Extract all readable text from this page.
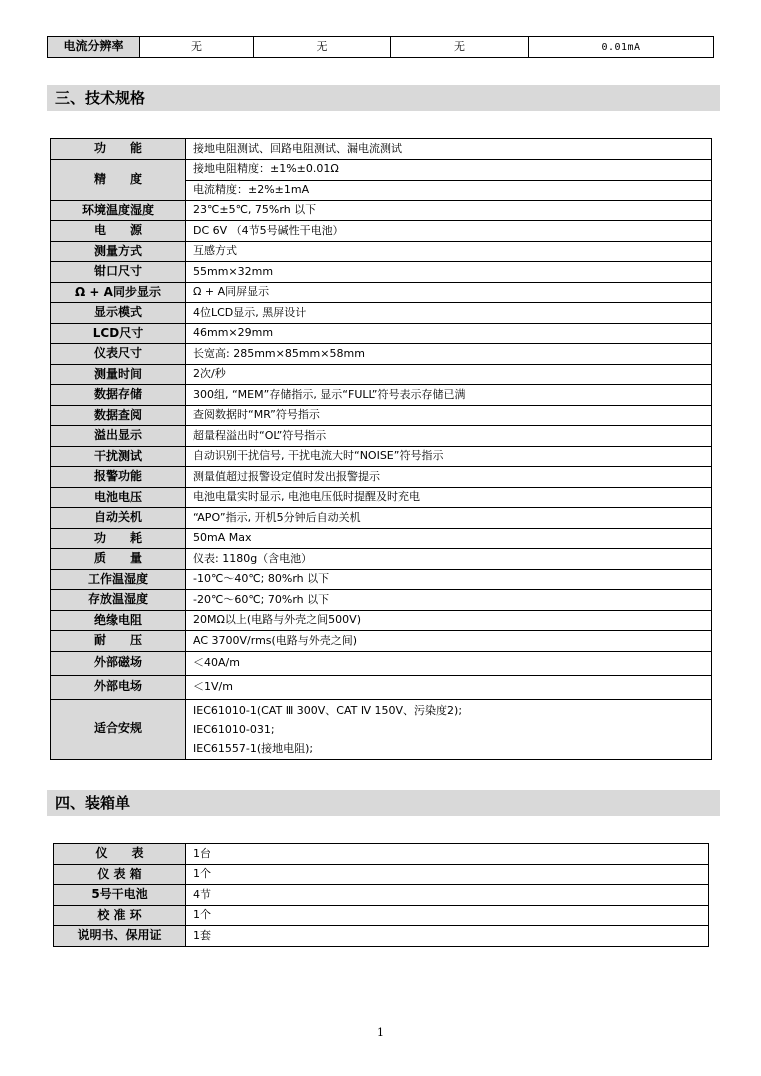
电流分辨率	无	无	无	0.01mA
三、技术规格
功　　能	接地电阻测试、回路电阻测试、漏电流测试
精　　度	接地电阻精度：±1%±0.01Ω
	电流精度：±2%±1mA
环境温度湿度	23℃±5℃, 75%rh 以下
电　　源	DC 6V （4节5号碱性干电池）
测量方式	互感方式
钳口尺寸	55mm×32mm
Ω + A同步显示	Ω + A同屏显示
显示模式	4位LCD显示, 黑屏设计
LCD尺寸	46mm×29mm
仪表尺寸	长宽高: 285mm×85mm×58mm
测量时间	2次/秒
数据存储	300组, “MEM”存储指示, 显示“FULL”符号表示存储已满
数据查阅	查阅数据时“MR”符号指示
溢出显示	超量程溢出时“OL”符号指示
干扰测试	自动识别干扰信号, 干扰电流大时“NOISE”符号指示
报警功能	测量值超过报警设定值时发出报警提示
电池电压	电池电量实时显示, 电池电压低时提醒及时充电
自动关机	“APO”指示, 开机5分钟后自动关机
功　　耗	50mA Max
质　　量	仪表: 1180g（含电池）
工作温湿度	-10℃～40℃; 80%rh 以下
存放温湿度	-20℃～60℃; 70%rh 以下
绝缘电阻	20MΩ以上(电路与外壳之间500V)
耐　　压	AC 3700V/rms(电路与外壳之间)
外部磁场	＜40A/m
外部电场	＜1V/m
适合安规	IEC61010-1(CAT Ⅲ 300V、CAT Ⅳ 150V、污染度2);
IEC61010-031;
IEC61557-1(接地电阻);
四、装箱单
仪　　表	1台
仪 表 箱	1个
5号干电池	4节
校 准 环	1个
说明书、保用证	1套
1
